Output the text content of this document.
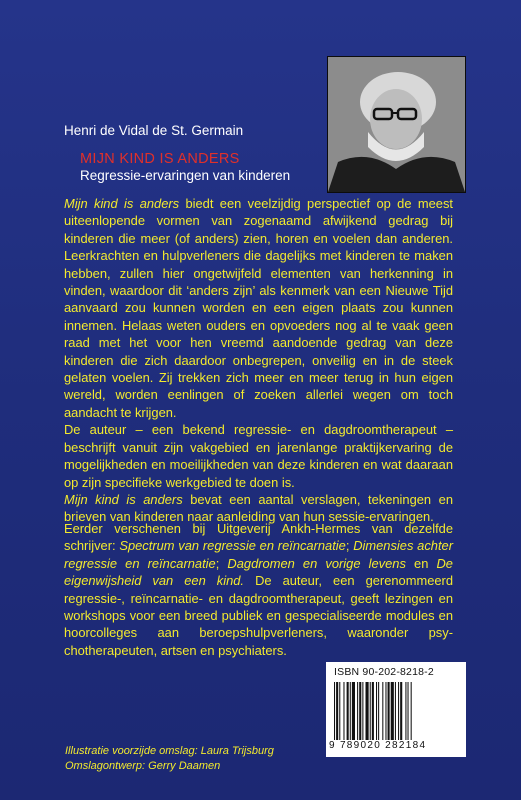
Henri de Vidal de St. Germain
MIJN KIND IS ANDERS
Regressie-ervaringen van kinderen

Mijn kind is anders biedt een veelzijdig perspectief op de meest uiteenlopende vormen van zogenaamd afwijkend gedrag bij kinderen die meer (of anders) zien, horen en voelen dan anderen. Leerkrachten en hulpverleners die dagelijks met kinderen te maken hebben, zullen hier ongetwijfeld elementen van herkenning in vinden, waardoor dit ‘anders zijn’ als kenmerk van een Nieuwe Tijd aanvaard zou kunnen worden en een eigen plaats zou kunnen innemen. Helaas weten ouders en opvoeders nog al te vaak geen raad met het voor hen vreemd aandoende gedrag van deze kinderen die zich daardoor onbegrepen, onveilig en in de steek gelaten voelen. Zij trekken zich meer en meer terug in hun eigen wereld, worden eenlingen of zoeken allerlei wegen om toch aandacht te krijgen.

De auteur – een bekend regressie- en dagdroomtherapeut – beschrijft vanuit zijn vakgebied en jarenlange praktijkervaring de mogelijkheden en moeilijkheden van deze kinderen en wat daaraan op zijn specifieke werkgebied te doen is.

Mijn kind is anders bevat een aantal verslagen, tekeningen en brieven van kinderen naar aanleiding van hun sessie-ervaringen.

Eerder verschenen bij Uitgeverij Ankh-Hermes van dezelfde schrijver: Spectrum van regressie en reïncarnatie; Dimensies achter regressie en reïncarnatie; Dagdromen en vorige levens en De eigenwijsheid van een kind. De auteur, een gerenommeerd regressie-, reïncarnatie- en dagdroomtherapeut, geeft lezingen en workshops voor een breed publiek en gespecialiseerde modules en hoorcolleges aan beroepshulpverleners, waaronder psy-chotherapeuten, artsen en psychiaters.

ISBN 90-202-8218-2
9 789020 282184
Illustratie voorzijde omslag: Laura Trijsburg
Omslagontwerp: Gerry Daamen
